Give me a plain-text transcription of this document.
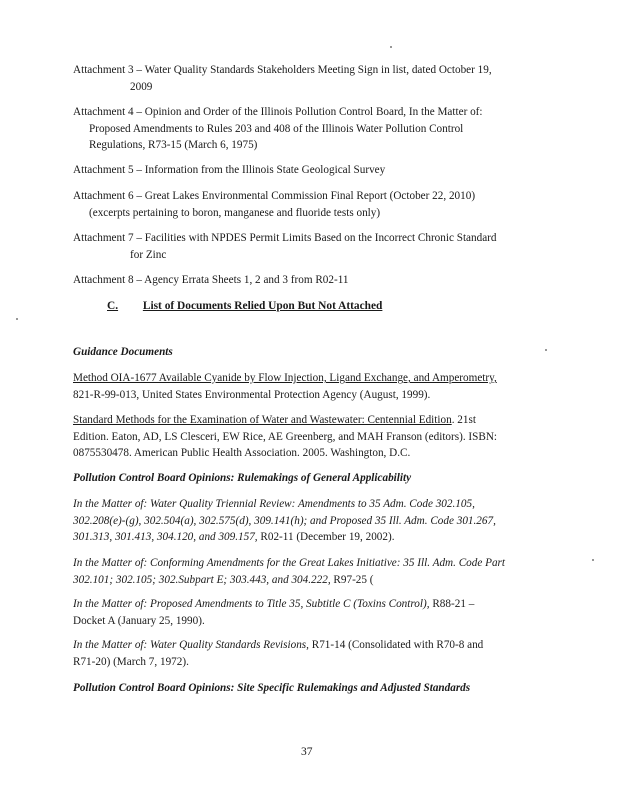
Attachment 3 – Water Quality Standards Stakeholders Meeting Sign in list, dated October 19,
2009
Attachment 4 – Opinion and Order of the Illinois Pollution Control Board, In the Matter of:
Proposed Amendments to Rules 203 and 408 of the Illinois Water Pollution Control
Regulations, R73-15 (March 6, 1975)
Attachment 5 – Information from the Illinois State Geological Survey
Attachment 6 – Great Lakes Environmental Commission Final Report (October 22, 2010)
(excerpts pertaining to boron, manganese and fluoride tests only)
Attachment 7 – Facilities with NPDES Permit Limits Based on the Incorrect Chronic Standard
for Zinc
Attachment 8 – Agency Errata Sheets 1, 2 and 3 from R02-11
C. List of Documents Relied Upon But Not Attached
Guidance Documents
Method OIA-1677 Available Cyanide by Flow Injection, Ligand Exchange, and Amperometry,
821-R-99-013, United States Environmental Protection Agency (August, 1999).
Standard Methods for the Examination of Water and Wastewater: Centennial Edition. 21st
Edition. Eaton, AD, LS Clesceri, EW Rice, AE Greenberg, and MAH Franson (editors). ISBN:
0875530478. American Public Health Association. 2005. Washington, D.C.
Pollution Control Board Opinions: Rulemakings of General Applicability
In the Matter of: Water Quality Triennial Review: Amendments to 35 Adm. Code 302.105,
302.208(e)-(g), 302.504(a), 302.575(d), 309.141(h); and Proposed 35 Ill. Adm. Code 301.267,
301.313, 301.413, 304.120, and 309.157, R02-11 (December 19, 2002).
In the Matter of: Conforming Amendments for the Great Lakes Initiative: 35 Ill. Adm. Code Part
302.101; 302.105; 302.Subpart E; 303.443, and 304.222, R97-25 (
In the Matter of: Proposed Amendments to Title 35, Subtitle C (Toxins Control), R88-21 –
Docket A (January 25, 1990).
In the Matter of: Water Quality Standards Revisions, R71-14 (Consolidated with R70-8 and
R71-20) (March 7, 1972).
Pollution Control Board Opinions: Site Specific Rulemakings and Adjusted Standards
37
